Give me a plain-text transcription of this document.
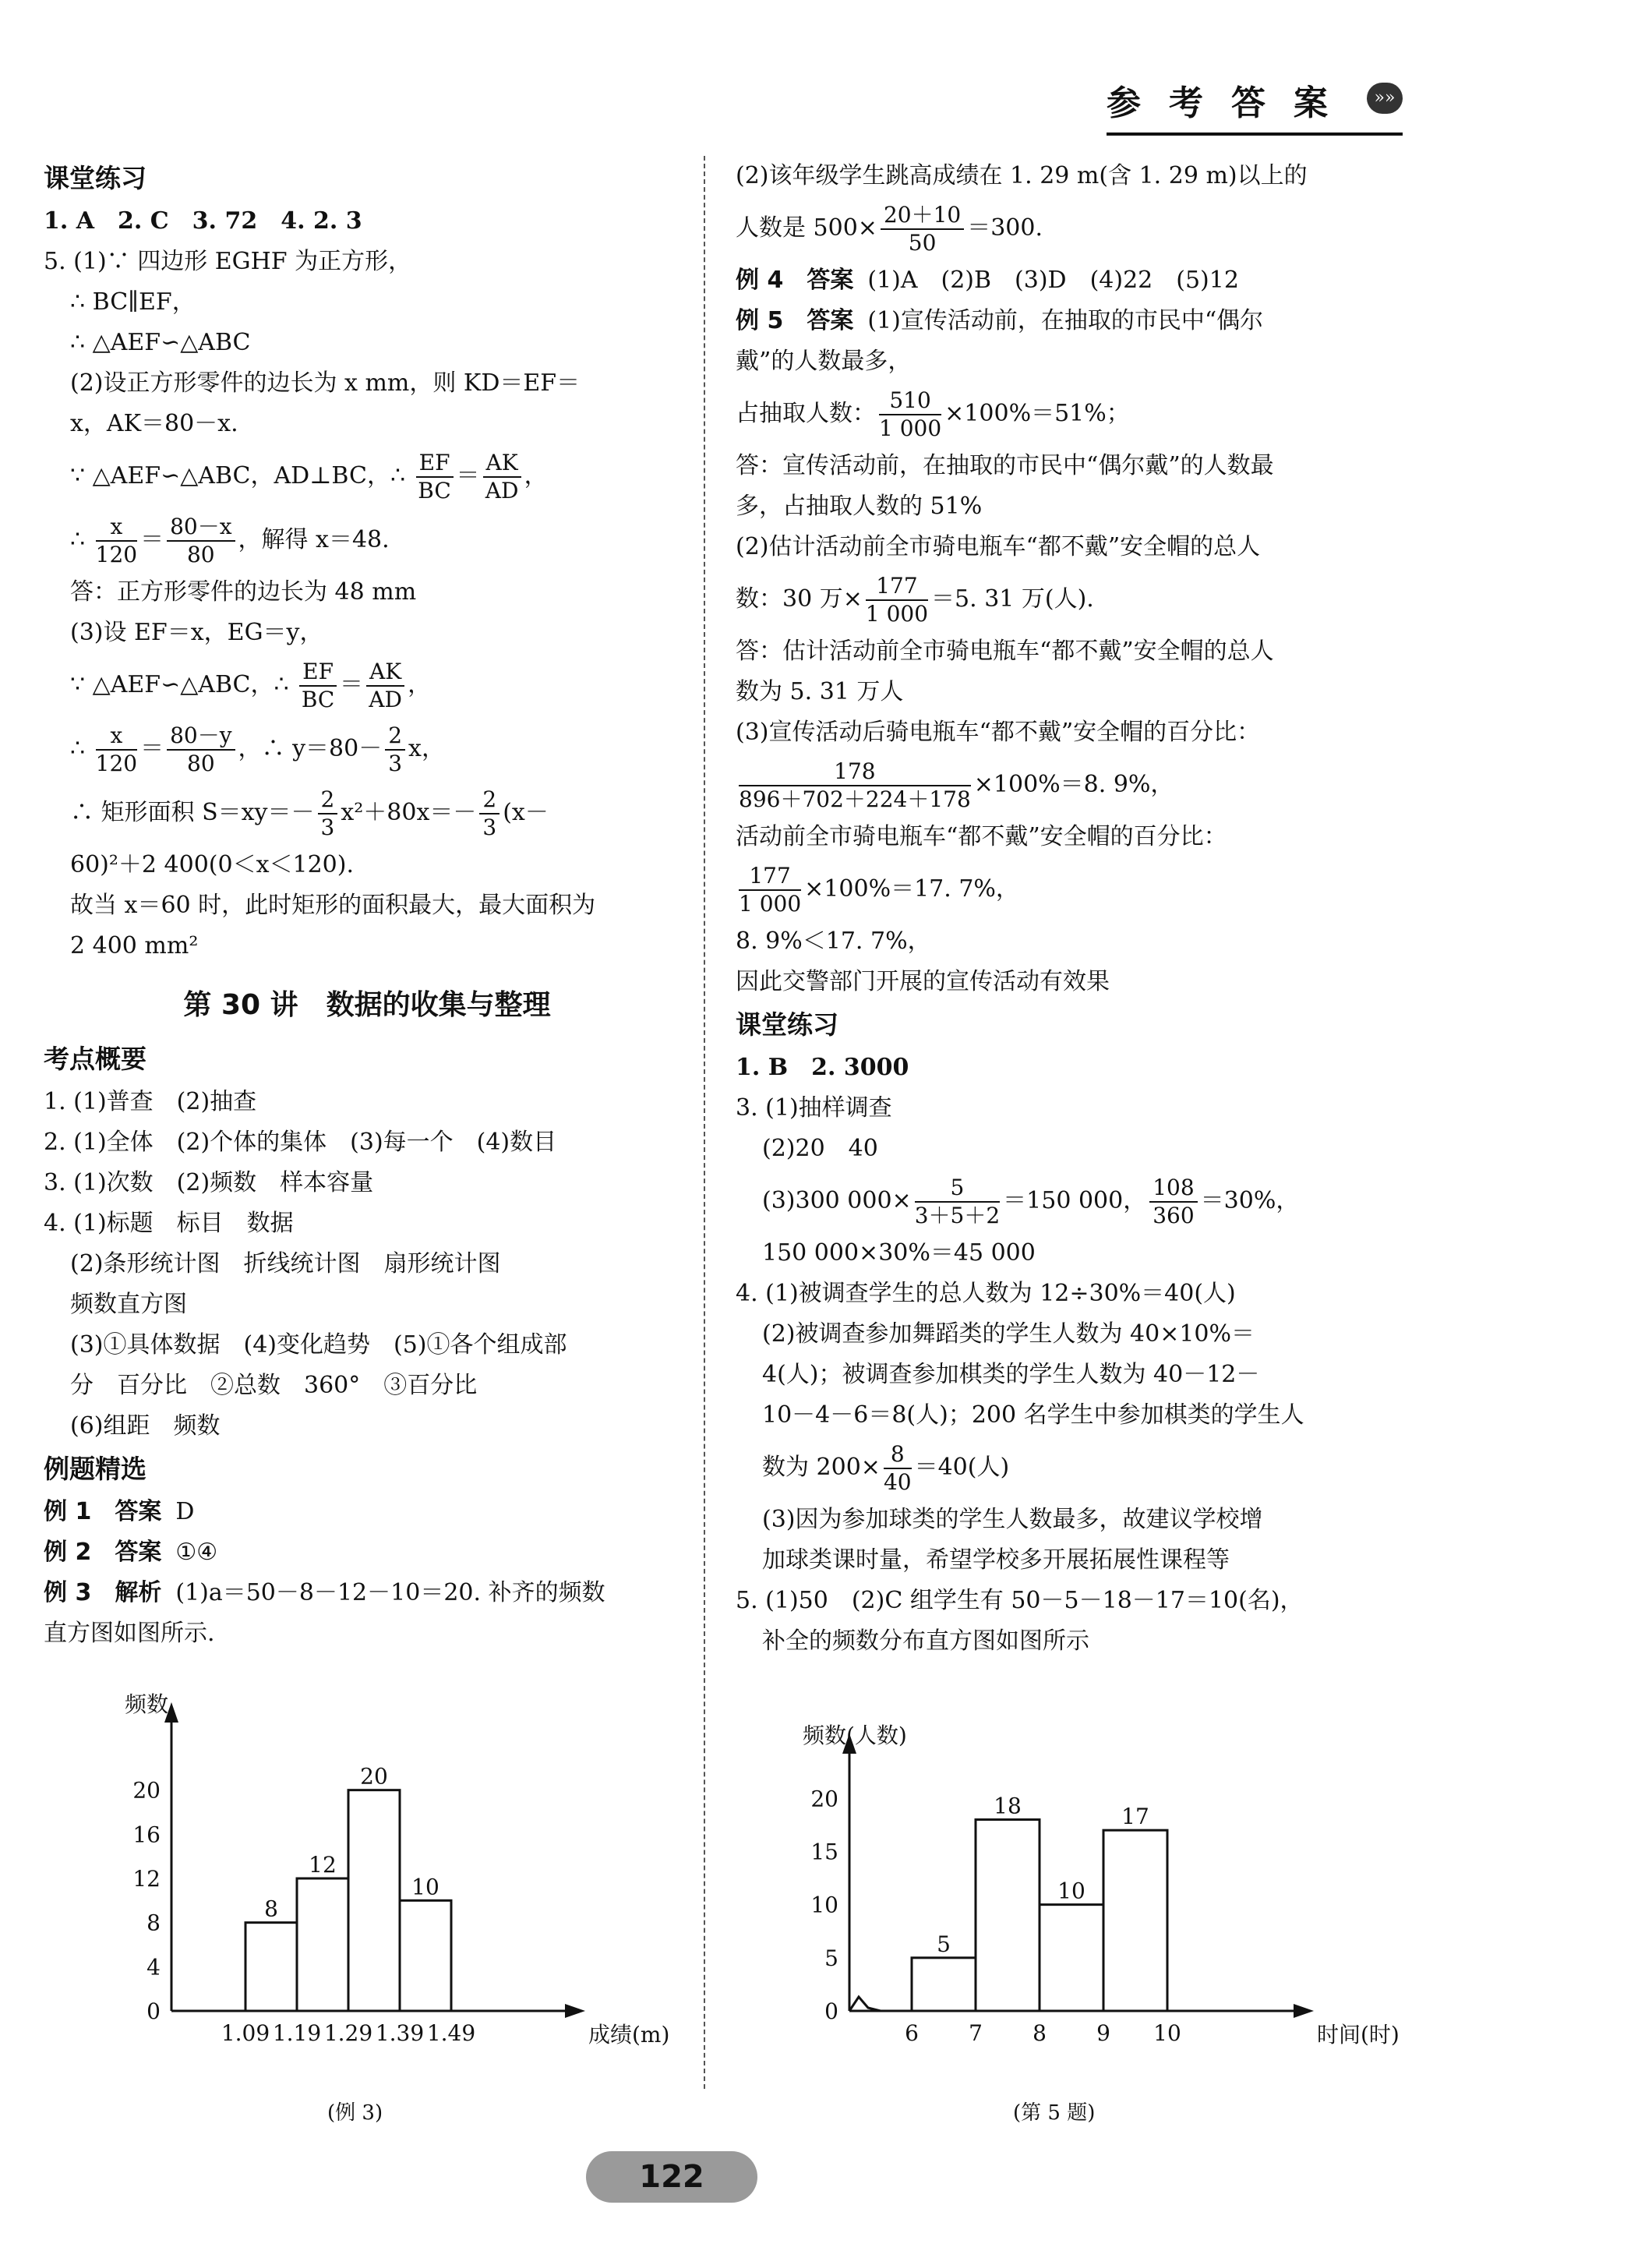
参考答案	»»
课堂练习
1. A　2. C　3. 72　4. 2. 3
5. (1)∵ 四边形 EGHF 为正方形，
∴ BC∥EF，
∴ △AEF∽△ABC
(2)设正方形零件的边长为 x mm，则 KD＝EF＝
x，AK＝80－x.
∵ △AEF∽△ABC，AD⊥BC，∴ $\frac{EF}{BC} = \frac{AK}{AD}$ ，
∴ $\frac{x}{120} = \frac{80-x}{80}$ ，解得 x＝48.
答：正方形零件的边长为 48 mm
(3)设 EF＝x，EG＝y，
∵ △AEF∽△ABC，∴ $\frac{EF}{BC} = \frac{AK}{AD}$ ，
∴ $\frac{x}{120} = \frac{80-y}{80}$ ，∴ $y=80- \frac{2}{3}$ x，
∴ 矩形面积 $S=xy=- \frac{2}{3} x^2+80x=- \frac{2}{3} (x-$
60)²＋2 400(0＜x＜120).
故当 x＝60 时，此时矩形的面积最大，最大面积为
2 400 mm²
第 30 讲　数据的收集与整理
考点概要
1. (1)普查　(2)抽查
2. (1)全体　(2)个体的集体　(3)每一个　(4)数目
3. (1)次数　(2)频数　样本容量
4. (1)标题　标目　数据
(2)条形统计图　折线统计图　扇形统计图
频数直方图
(3)①具体数据　(4)变化趋势　(5)①各个组成部
分　百分比　②总数　360°　③百分比
(6)组距　频数
例题精选
例 1　答案 D
例 2　答案 ①④
例 3　解析 (1)a＝50－8－12－10＝20. 补齐的频数
直方图如图所示.
(2)该年级学生跳高成绩在 1. 29 m(含 1. 29 m)以上的
人数是 $500\times \frac{20+10}{50} =300$.
例 4　答案 (1)A　(2)B　(3)D　(4)22　(5)12
例 5　答案 (1)宣传活动前，在抽取的市民中“偶尔
戴”的人数最多，
占抽取人数： $\frac{510}{1 000} \times 100\%=51\%$；
答：宣传活动前，在抽取的市民中“偶尔戴”的人数最
多，占抽取人数的 51%
(2)估计活动前全市骑电瓶车“都不戴”安全帽的总人
数：30 万× $\frac{177}{1 000} =5$. 31 万(人).
答：估计活动前全市骑电瓶车“都不戴”安全帽的总人
数为 5. 31 万人
(3)宣传活动后骑电瓶车“都不戴”安全帽的百分比：
$\frac{178}{896+702+224+178} \times 100\%=8$. 9%，
活动前全市骑电瓶车“都不戴”安全帽的百分比：
$\frac{177}{1 000} \times 100\%=17$. 7%，
8. 9%＜17. 7%，
因此交警部门开展的宣传活动有效果
课堂练习
1. B　2. 3000
3. (1)抽样调查
(2)20　40
(3)300 $000\times \frac{5}{3+5+2} =150$ 000， $\frac{108}{360} =30\%$，
150 000×30%＝45 000
4. (1)被调查学生的总人数为 12÷30%＝40(人)
(2)被调查参加舞蹈类的学生人数为 40×10%＝
4(人)；被调查参加棋类的学生人数为 40－12－
10－4－6＝8(人)；200 名学生中参加棋类的学生人
数为 $200\times \frac{8}{40} =40$(人)
(3)因为参加球类的学生人数最多，故建议学校增
加球类课时量，希望学校多开展拓展性课程等
5. (1)50　(2)C 组学生有 50－5－18－17＝10(名)，
补全的频数分布直方图如图所示
频数
成绩(m)
0
4
8
12
16
20
1.09 1.19 1.29 1.39 1.49
8
12
20
10
(例 3)
频数(人数)
时间(时)
0
5
10
15
20
6 7 8 9 10
5
18
10
17
(第 5 题)
122
